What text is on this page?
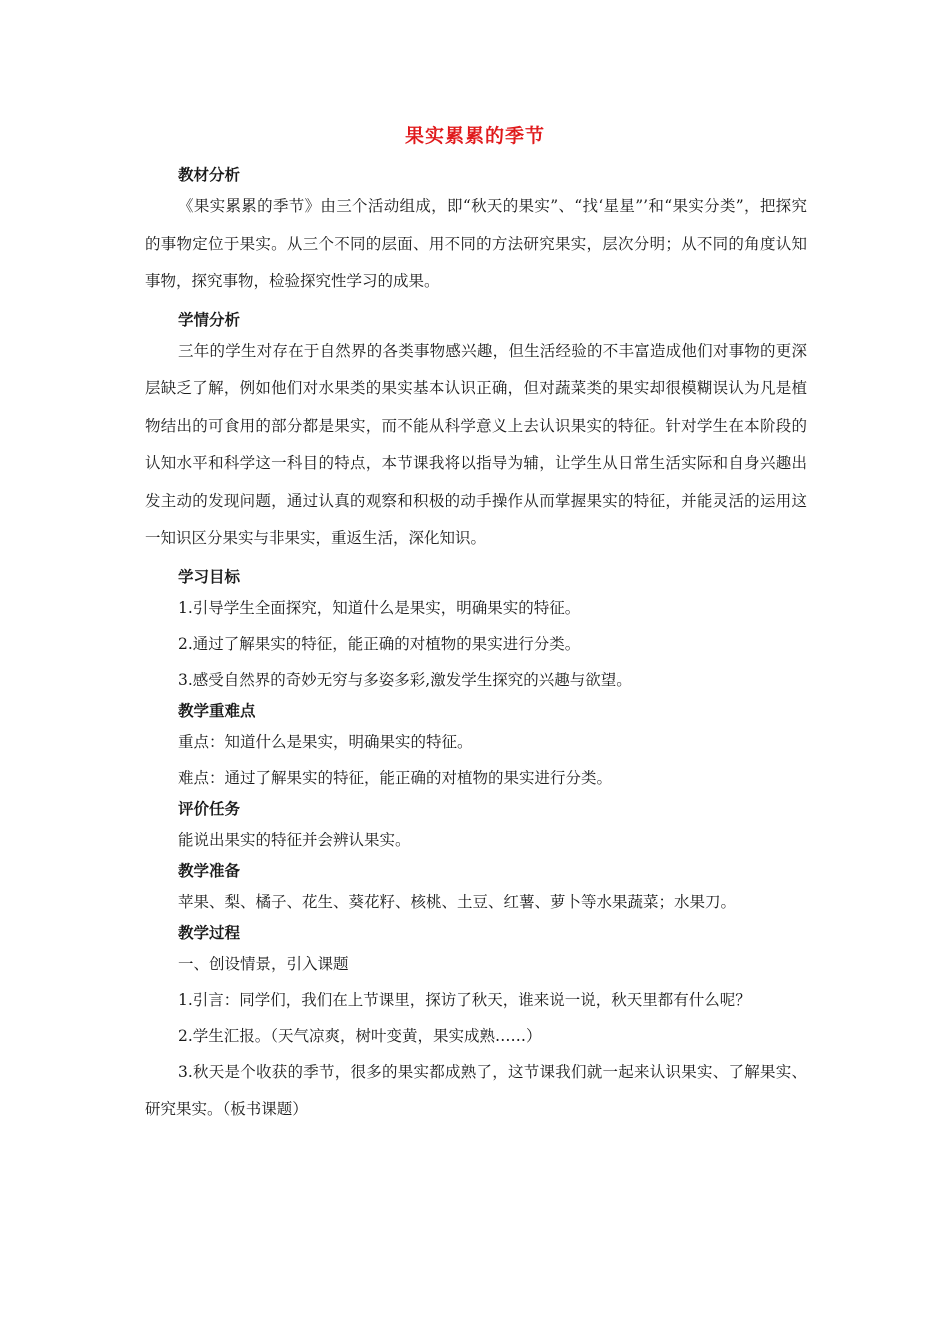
果实累累的季节

教材分析

《果实累累的季节》由三个活动组成，即“秋天的果实”、“找‘星星”’和“果实分类”，把探究的事物定位于果实。从三个不同的层面、用不同的方法研究果实，层次分明；从不同的角度认知事物，探究事物，检验探究性学习的成果。

学情分析

三年的学生对存在于自然界的各类事物感兴趣，但生活经验的不丰富造成他们对事物的更深层缺乏了解，例如他们对水果类的果实基本认识正确，但对蔬菜类的果实却很模糊误认为凡是植物结出的可食用的部分都是果实，而不能从科学意义上去认识果实的特征。针对学生在本阶段的认知水平和科学这一科目的特点，本节课我将以指导为辅，让学生从日常生活实际和自身兴趣出发主动的发现问题，通过认真的观察和积极的动手操作从而掌握果实的特征，并能灵活的运用这一知识区分果实与非果实，重返生活，深化知识。

学习目标

1.引导学生全面探究，知道什么是果实，明确果实的特征。

2.通过了解果实的特征，能正确的对植物的果实进行分类。

3.感受自然界的奇妙无穷与多姿多彩,激发学生探究的兴趣与欲望。

教学重难点

重点：知道什么是果实，明确果实的特征。

难点：通过了解果实的特征，能正确的对植物的果实进行分类。

评价任务

能说出果实的特征并会辨认果实。

教学准备

苹果、梨、橘子、花生、葵花籽、核桃、土豆、红薯、萝卜等水果蔬菜；水果刀。

教学过程

一、创设情景，引入课题

1.引言：同学们，我们在上节课里，探访了秋天，谁来说一说，秋天里都有什么呢？

2.学生汇报。（天气凉爽，树叶变黄，果实成熟……）

3.秋天是个收获的季节，很多的果实都成熟了，这节课我们就一起来认识果实、了解果实、研究果实。（板书课题）
